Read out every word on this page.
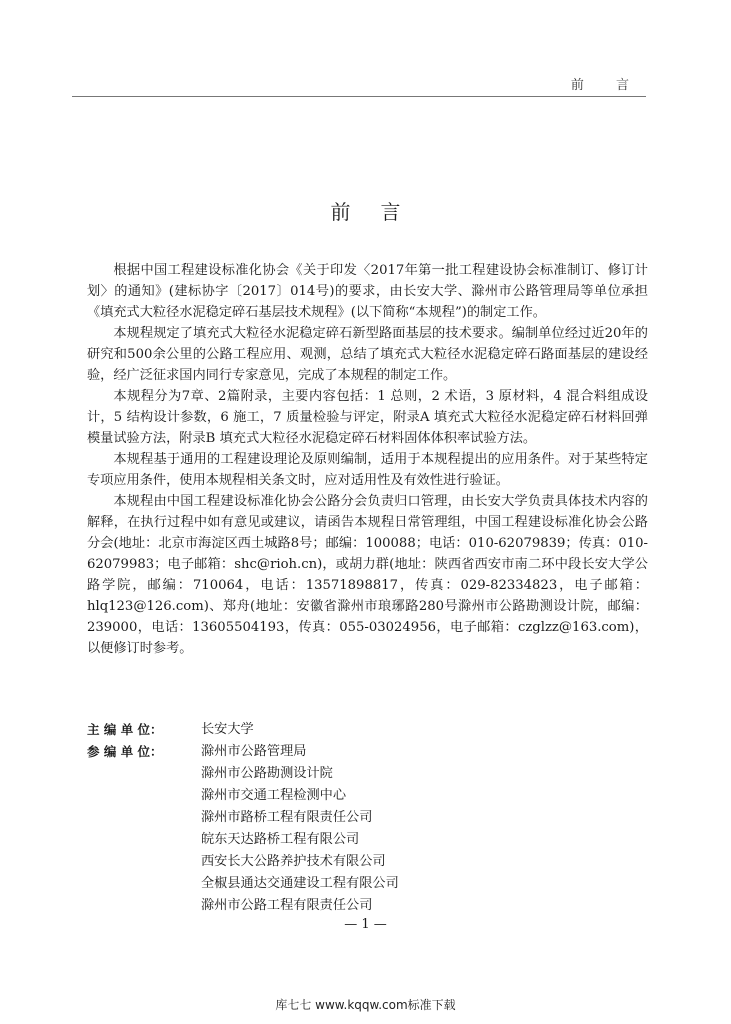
前 言
前言

根据中国工程建设标准化协会《关于印发〈2017年第一批工程建设协会标准制订、修订计划〉的通知》(建标协字〔2017〕014号)的要求，由长安大学、滁州市公路管理局等单位承担《填充式大粒径水泥稳定碎石基层技术规程》(以下简称“本规程”)的制定工作。

本规程规定了填充式大粒径水泥稳定碎石新型路面基层的技术要求。编制单位经过近20年的研究和500余公里的公路工程应用、观测，总结了填充式大粒径水泥稳定碎石路面基层的建设经验，经广泛征求国内同行专家意见，完成了本规程的制定工作。

本规程分为7章、2篇附录，主要内容包括：1 总则，2 术语，3 原材料，4 混合料组成设计，5 结构设计参数，6 施工，7 质量检验与评定，附录A 填充式大粒径水泥稳定碎石材料回弹模量试验方法，附录B 填充式大粒径水泥稳定碎石材料固体体积率试验方法。

本规程基于通用的工程建设理论及原则编制，适用于本规程提出的应用条件。对于某些特定专项应用条件，使用本规程相关条文时，应对适用性及有效性进行验证。

本规程由中国工程建设标准化协会公路分会负责归口管理，由长安大学负责具体技术内容的解释，在执行过程中如有意见或建议，请函告本规程日常管理组，中国工程建设标准化协会公路分会(地址：北京市海淀区西土城路8号；邮编：100088；电话：010-62079839；传真：010-62079983；电子邮箱：shc@rioh.cn)，或胡力群(地址：陕西省西安市南二环中段长安大学公路学院，邮编：710064，电话：13571898817，传真：029-82334823，电子邮箱：hlq123@126.com)、郑舟(地址：安徽省滁州市琅琊路280号滁州市公路勘测设计院，邮编：239000，电话：13605504193，传真：055-03024956，电子邮箱：czglzz@163.com)，以便修订时参考。

主 编 单 位：	长安大学
参 编 单 位：	滁州市公路管理局
滁州市公路勘测设计院
滁州市交通工程检测中心
滁州市路桥工程有限责任公司
皖东天达路桥工程有限公司
西安长大公路养护技术有限公司
全椒县通达交通建设工程有限公司
滁州市公路工程有限责任公司
— 1 —
库七七 www.kqqw.com标准下载
